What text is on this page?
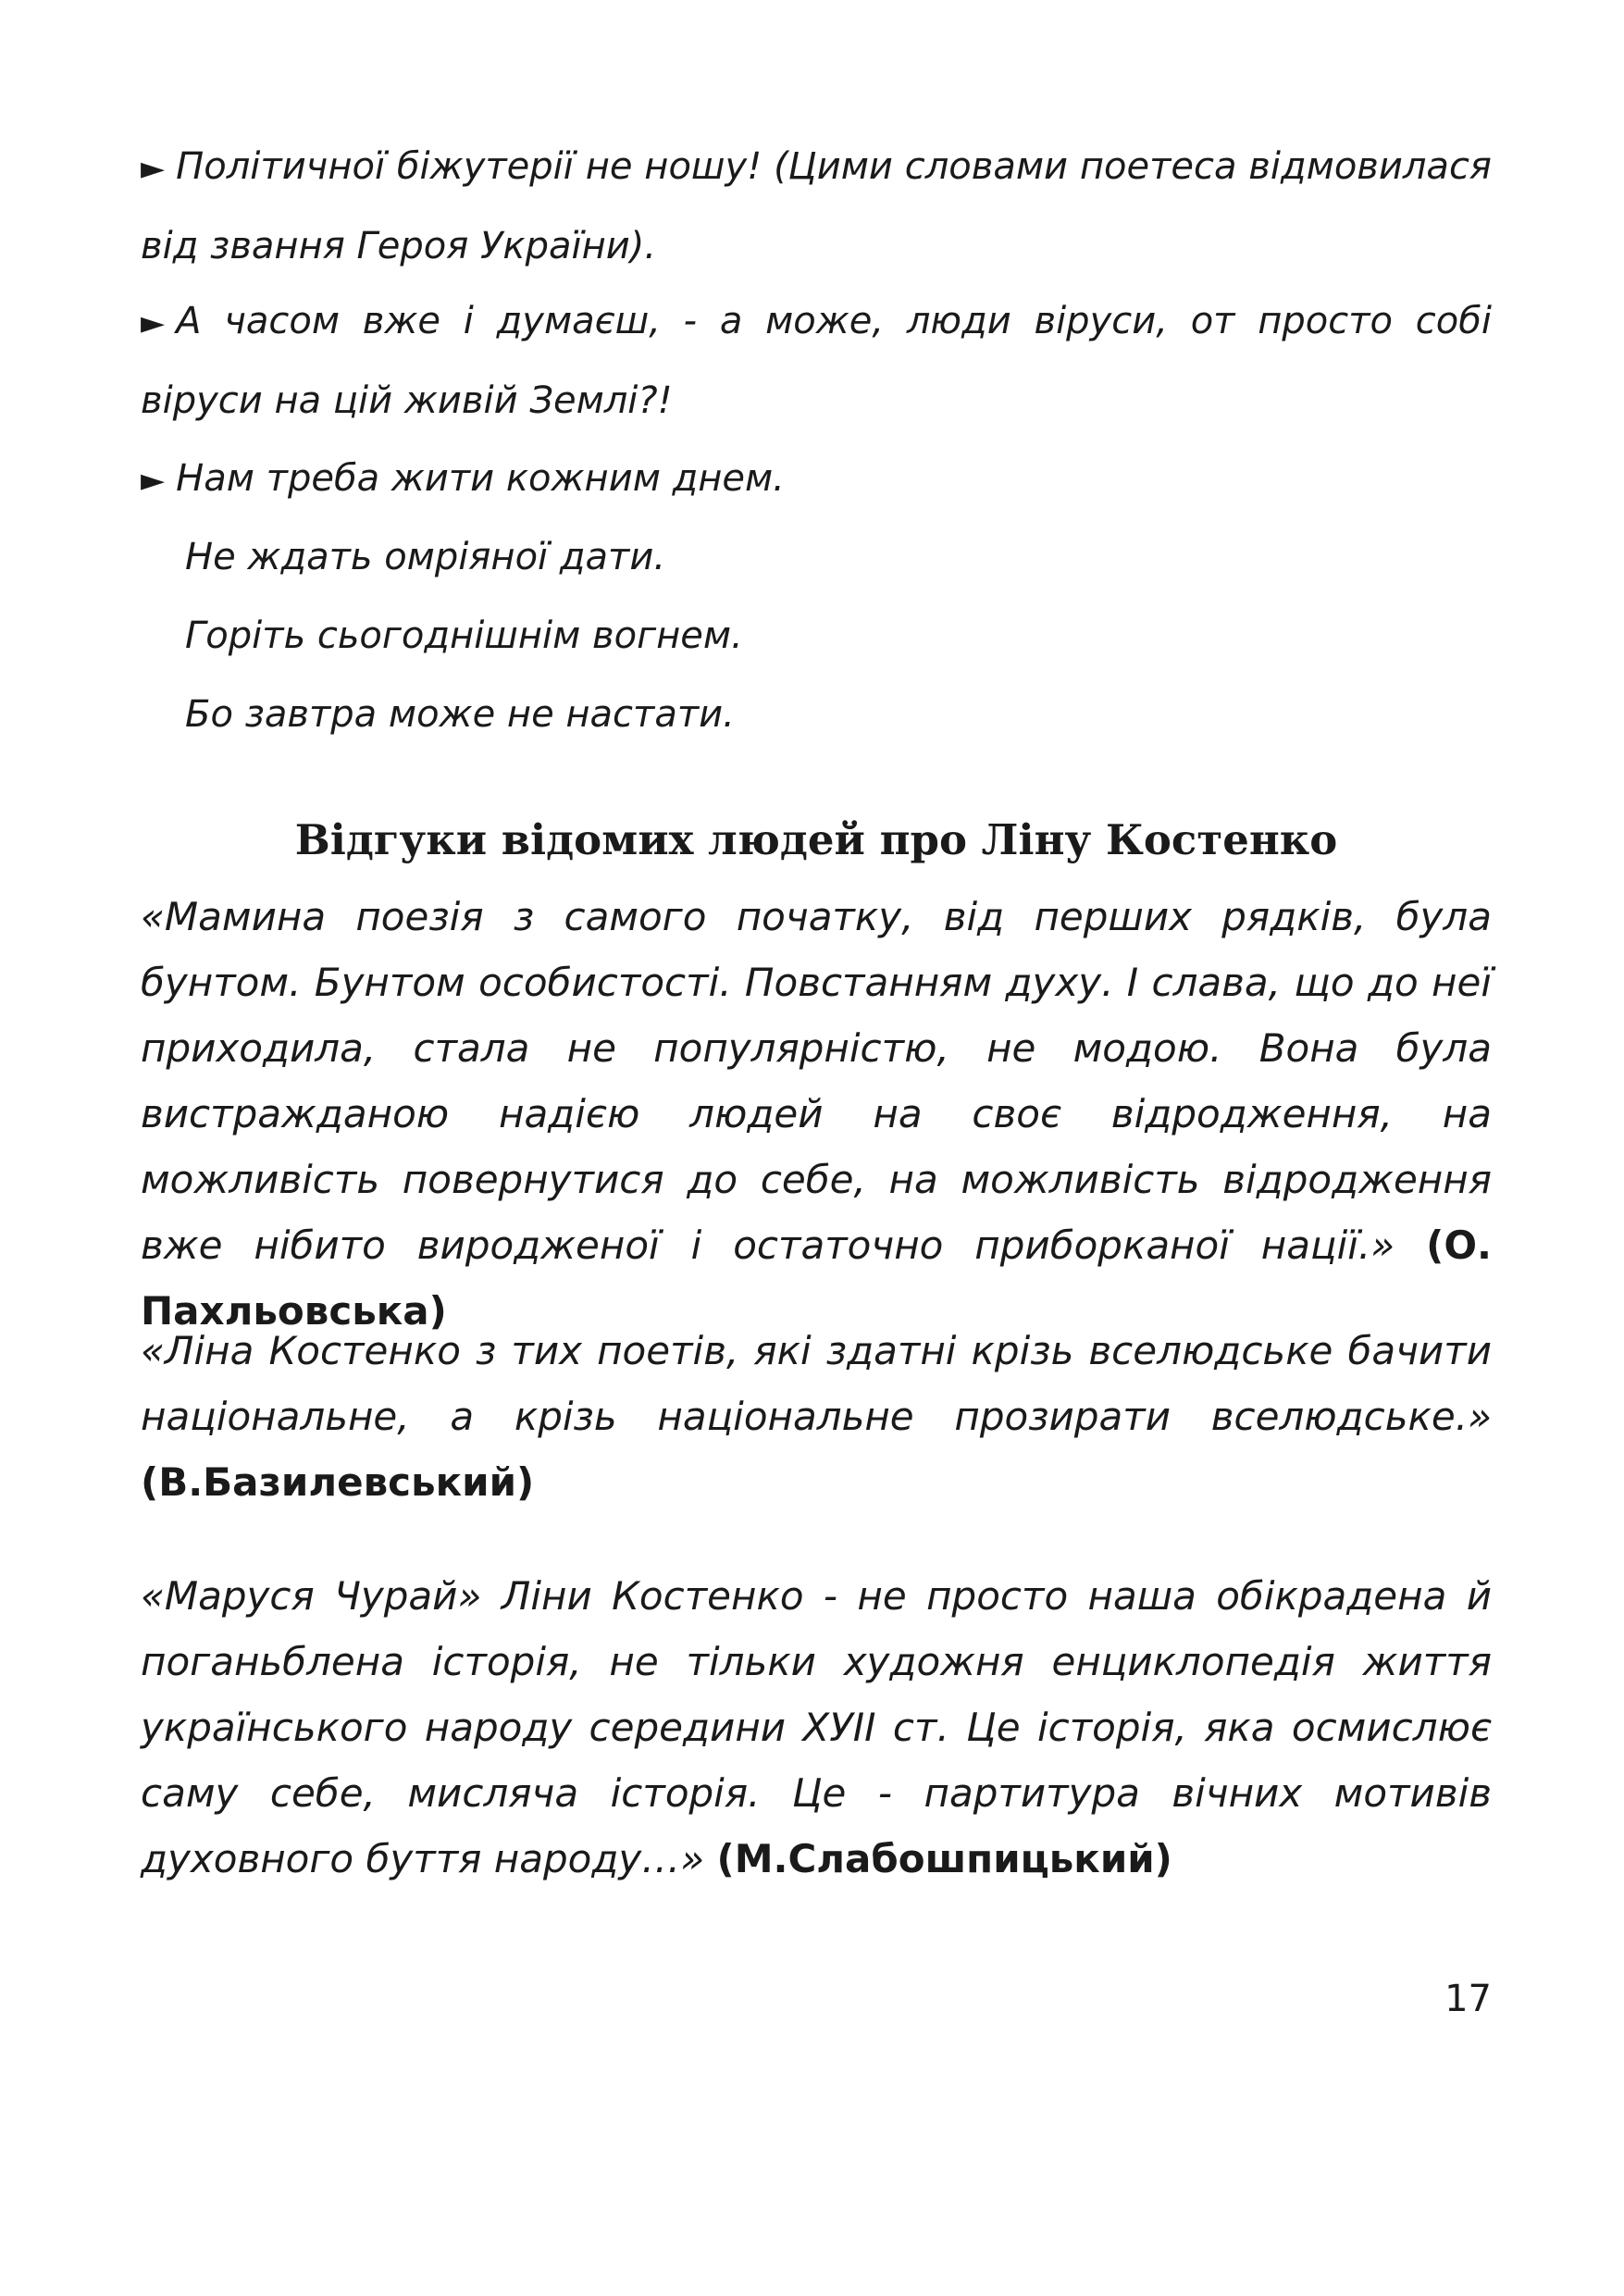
► Політичної біжутерії не ношу! (Цими словами поетеса відмовилася від звання Героя України).

► А часом вже і думаєш, - а може, люди віруси, от просто собі віруси на цій живій Землі?!

► Нам треба жити кожним днем.

Не ждать омріяної дати.

Горіть сьогоднішнім вогнем.

Бо завтра може не настати.

Відгуки відомих людей про Ліну Костенко

«Мамина поезія з самого початку, від перших рядків, була бунтом. Бунтом особистості. Повстанням духу. І слава, що до неї приходила, стала не популярністю, не модою. Вона була вистражданою надією людей на своє відродження, на можливість повернутися до себе, на можливість відродження вже нібито виродженої і остаточно приборканої нації.» (О. Пахльовська)

«Ліна Костенко з тих поетів, які здатні крізь вселюдське бачити національне, а крізь національне прозирати вселюдське.» (В.Базилевський)

«Маруся Чурай» Ліни Костенко - не просто наша обікрадена й поганьблена історія, не тільки художня енциклопедія життя українського народу середини ХУІІ ст. Це історія, яка осмислює саму себе, мисляча історія. Це - партитура вічних мотивів духовного буття народу…» (М.Слабошпицький)

17
